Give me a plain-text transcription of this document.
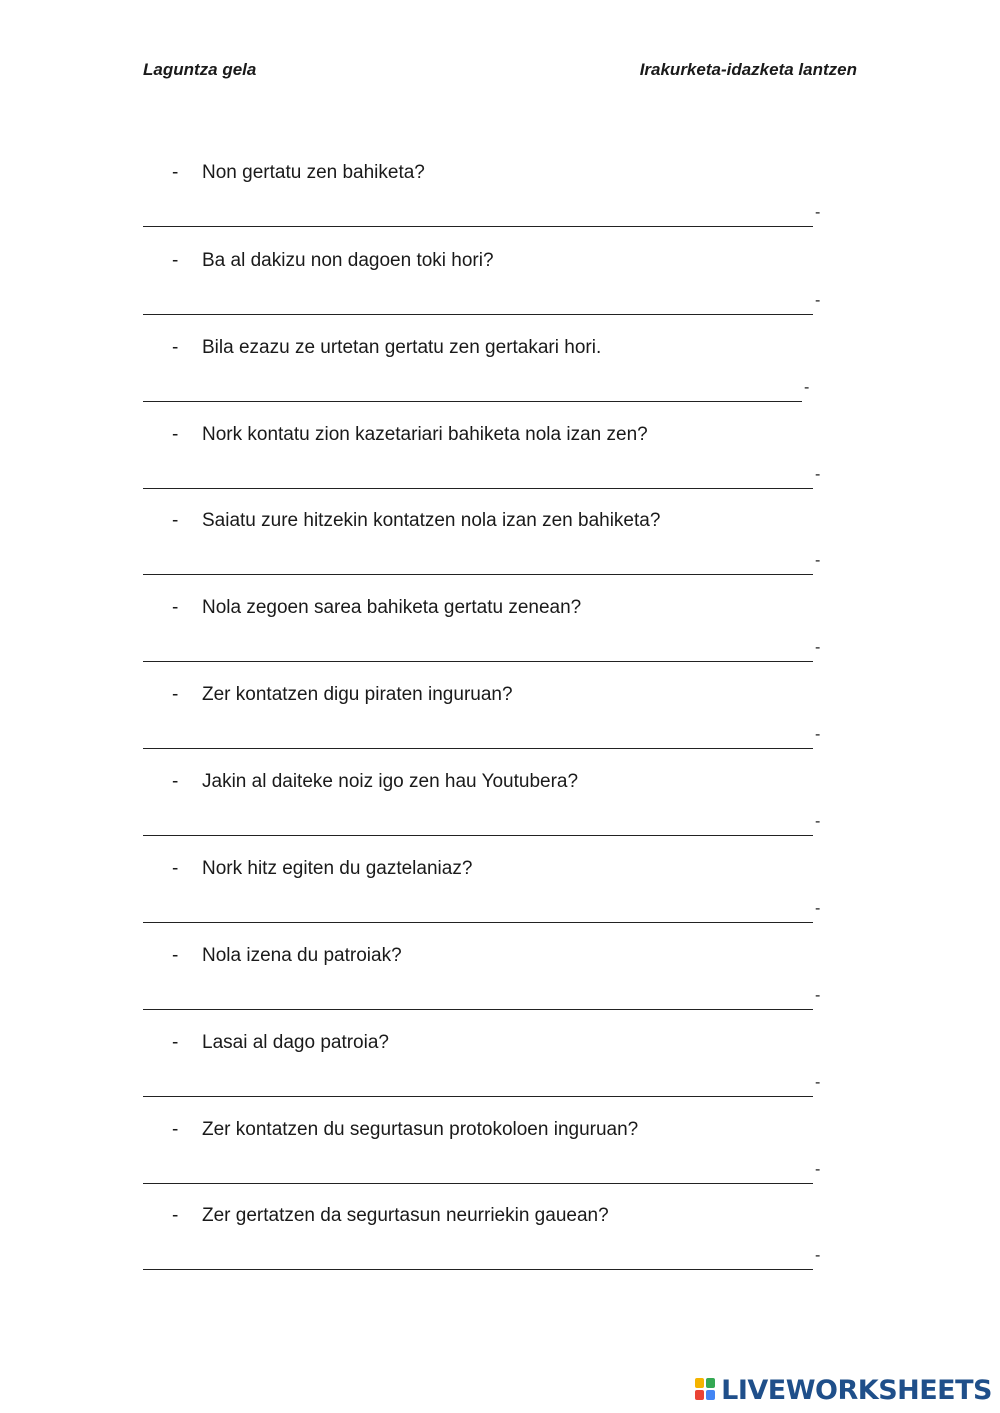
Laguntza gela	Irakurketa-idazketa lantzen
- Non gertatu zen bahiketa?
-
- Ba al dakizu non dagoen toki hori?
-
- Bila ezazu ze urtetan gertatu zen gertakari hori.
-
- Nork kontatu zion kazetariari bahiketa nola izan zen?
-
- Saiatu zure hitzekin kontatzen nola izan zen bahiketa?
-
- Nola zegoen sarea bahiketa gertatu zenean?
-
- Zer kontatzen digu piraten inguruan?
-
- Jakin al daiteke noiz igo zen hau Youtubera?
-
- Nork hitz egiten du gaztelaniaz?
-
- Nola izena du patroiak?
-
- Lasai al dago patroia?
-
- Zer kontatzen du segurtasun protokoloen inguruan?
-
- Zer gertatzen da segurtasun neurriekin gauean?
-
LIVEWORKSHEETS
